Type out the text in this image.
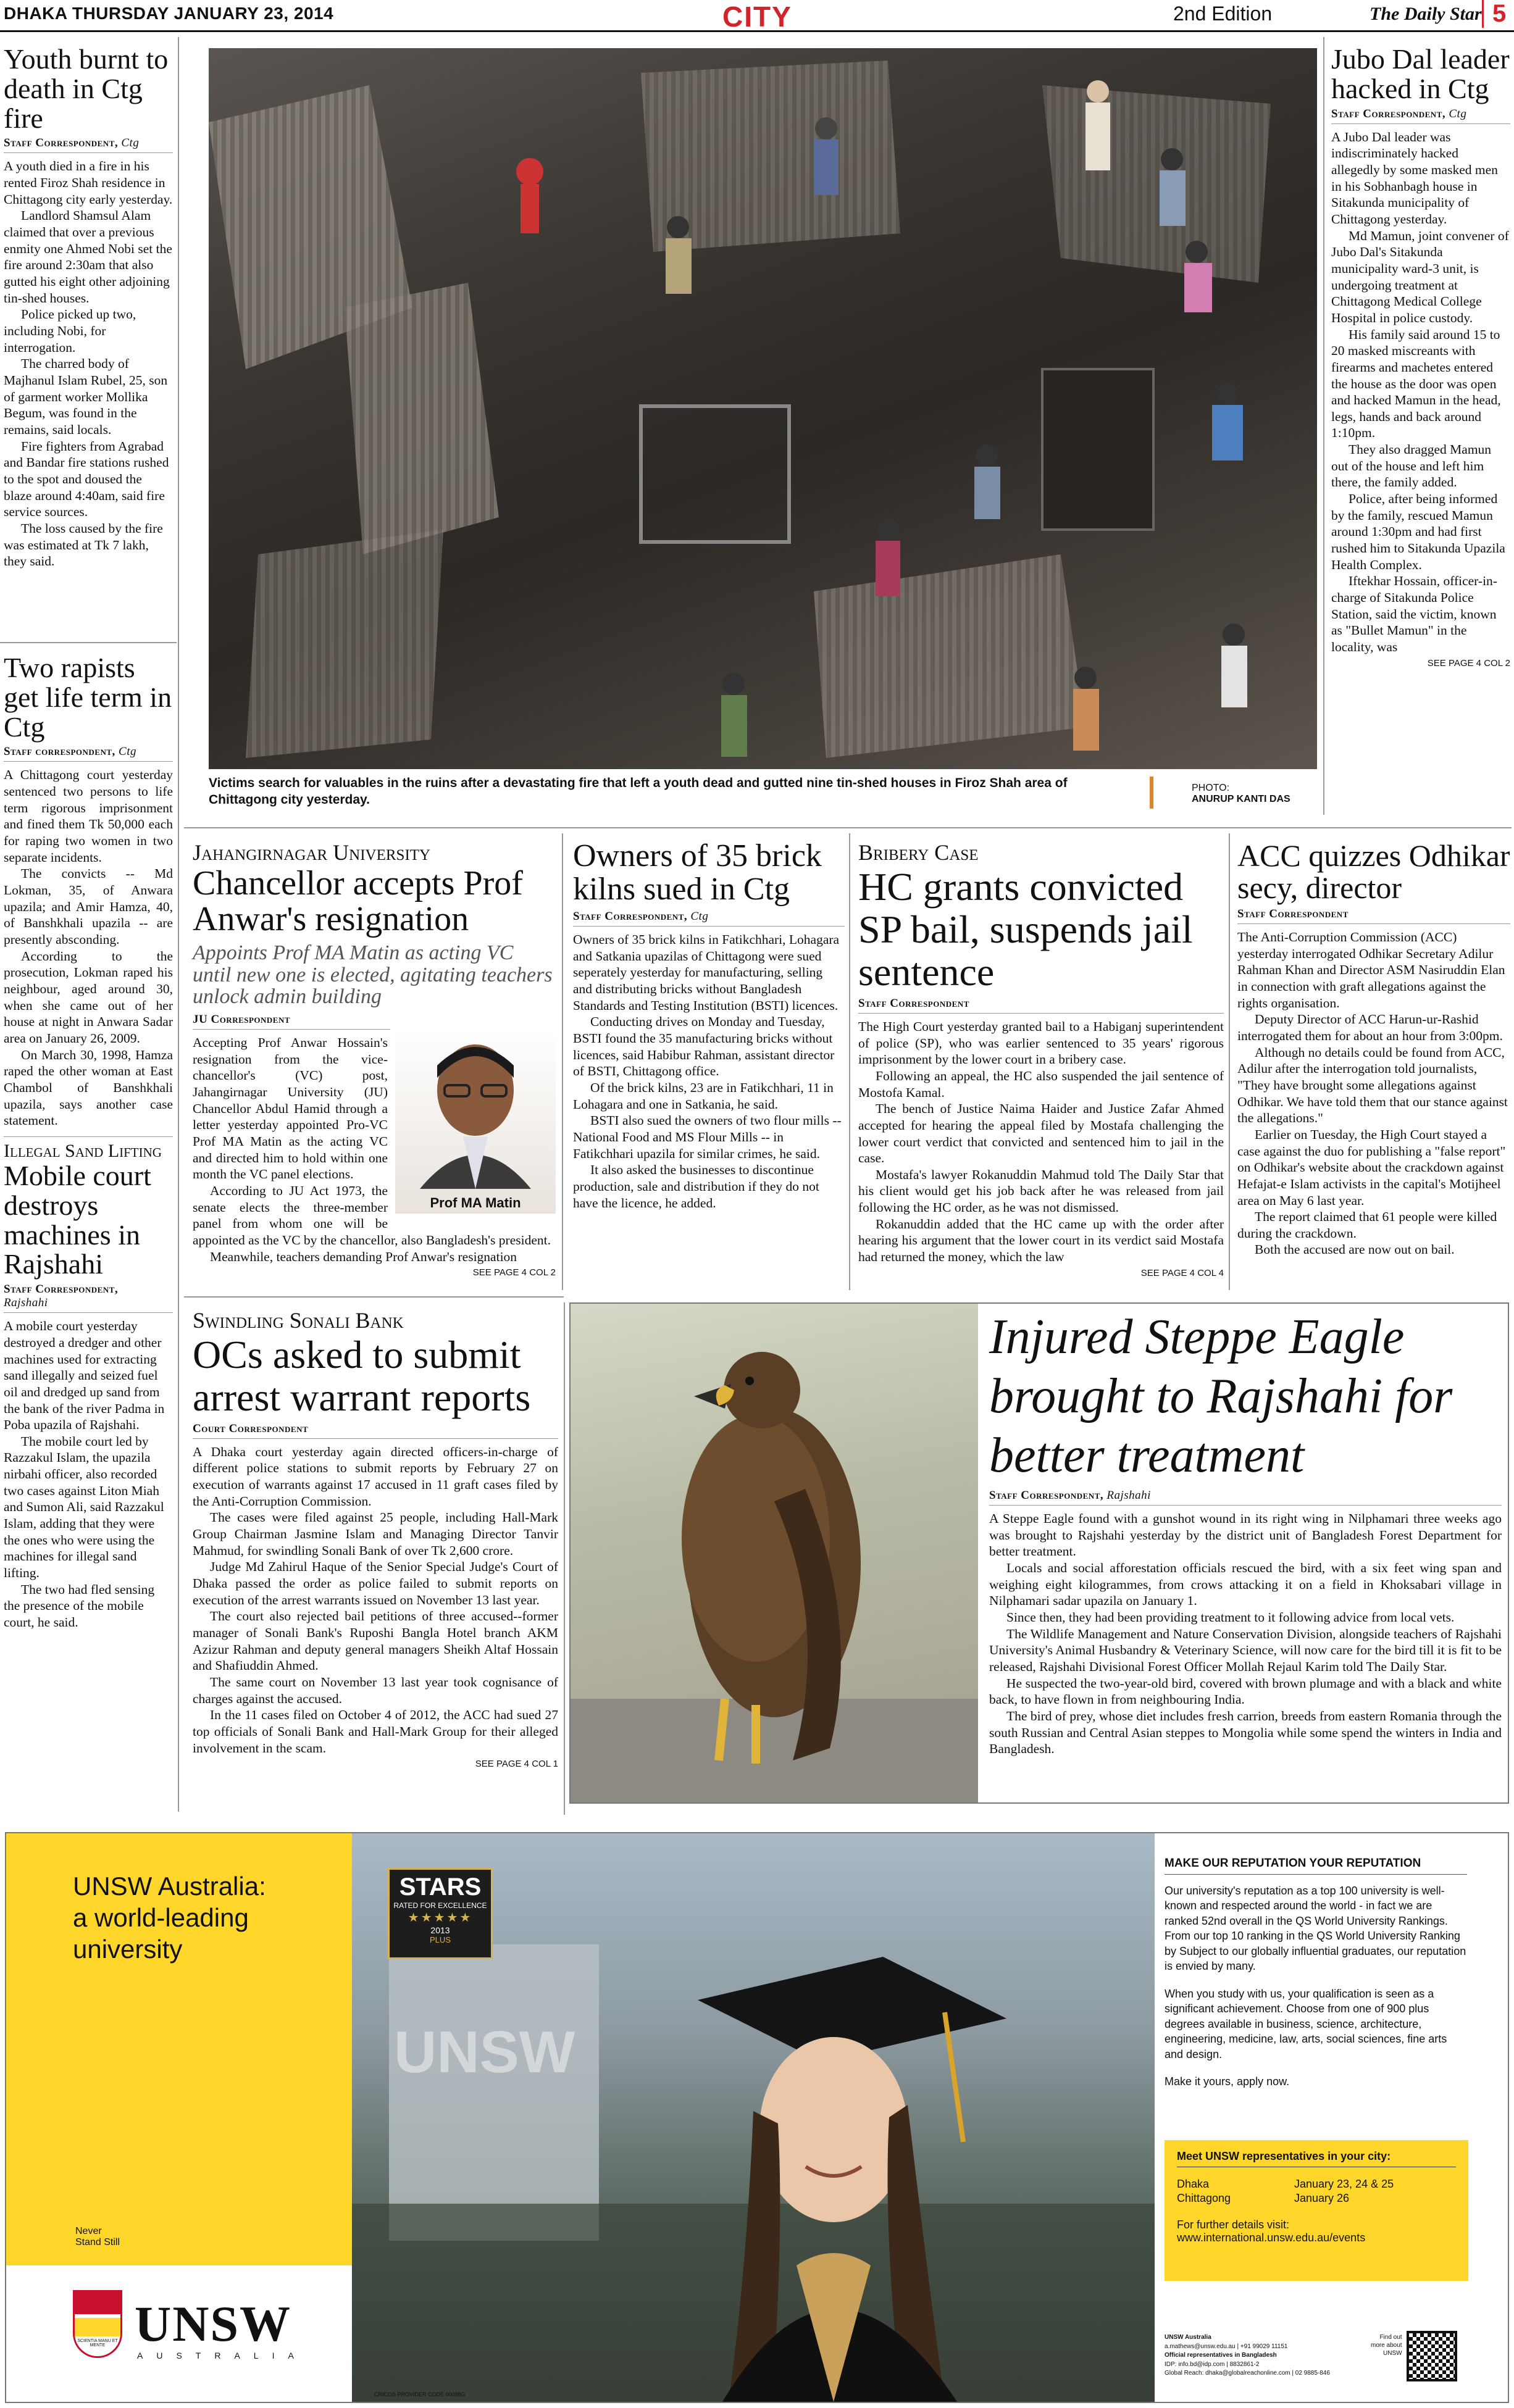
DHAKA THURSDAY JANUARY 23, 2014	CITY	2nd Edition	The Daily Star 5
Youth burnt to death in Ctg fire
Staff Correspondent, Ctg

A youth died in a fire in his rented Firoz Shah residence in Chittagong city early yesterday.

Landlord Shamsul Alam claimed that over a previous enmity one Ahmed Nobi set the fire around 2:30am that also gutted his eight other adjoining tin-shed houses.

Police picked up two, including Nobi, for interrogation.

The charred body of Majhanul Islam Rubel, 25, son of garment worker Mollika Begum, was found in the remains, said locals.

Fire fighters from Agrabad and Bandar fire stations rushed to the spot and doused the blaze around 4:40am, said fire service sources.

The loss caused by the fire was estimated at Tk 7 lakh, they said.

Two rapists get life term in Ctg
Staff correspondent, Ctg

A Chittagong court yesterday sentenced two persons to life term rigorous imprisonment and fined them Tk 50,000 each for raping two women in two separate incidents.

The convicts -- Md Lokman, 35, of Anwara upazila; and Amir Hamza, 40, of Banshkhali upazila -- are presently absconding.

According to the prosecution, Lokman raped his neighbour, aged around 30, when she came out of her house at night in Anwara Sadar area on January 26, 2009.

On March 30, 1998, Hamza raped the other woman at East Chambol of Banshkhali upazila, says another case statement.

Illegal Sand Lifting
Mobile court destroys machines in Rajshahi
Staff Correspondent,
Rajshahi

A mobile court yesterday destroyed a dredger and other machines used for extracting sand illegally and seized fuel oil and dredged up sand from the bank of the river Padma in Poba upazila of Rajshahi.

The mobile court led by Razzakul Islam, the upazila nirbahi officer, also recorded two cases against Liton Miah and Sumon Ali, said Razzakul Islam, adding that they were the ones who were using the machines for illegal sand lifting.

The two had fled sensing the presence of the mobile court, he said.

Victims search for valuables in the ruins after a devastating fire that left a youth dead and gutted nine tin-shed houses in Firoz Shah area of Chittagong city yesterday.
PHOTO:
ANURUP KANTI DAS
Jubo Dal leader hacked in Ctg
Staff Correspondent, Ctg

A Jubo Dal leader was indiscriminately hacked allegedly by some masked men in his Sobhanbagh house in Sitakunda municipality of Chittagong yesterday.

Md Mamun, joint convener of Jubo Dal's Sitakunda municipality ward-3 unit, is undergoing treatment at Chittagong Medical College Hospital in police custody.

His family said around 15 to 20 masked miscreants with firearms and machetes entered the house as the door was open and hacked Mamun in the head, legs, hands and back around 1:10pm.

They also dragged Mamun out of the house and left him there, the family added.

Police, after being informed by the family, rescued Mamun around 1:30pm and had first rushed him to Sitakunda Upazila Health Complex.

Iftekhar Hossain, officer-in-charge of Sitakunda Police Station, said the victim, known as "Bullet Mamun" in the locality, was

SEE PAGE 4 COL 2
Jahangirnagar University
Chancellor accepts Prof Anwar's resignation
Appoints Prof MA Matin as acting VC until new one is elected, agitating teachers unlock admin building
JU Correspondent
Prof MA Matin

Accepting Prof Anwar Hossain's resignation from the vice-chancellor's (VC) post, Jahangirnagar University (JU) Chancellor Abdul Hamid through a letter yesterday appointed Pro-VC Prof MA Matin as the acting VC and directed him to hold within one month the VC panel elections.

According to JU Act 1973, the senate elects the three-member panel from whom one will be appointed as the VC by the chancellor, also Bangladesh's president.

Meanwhile, teachers demanding Prof Anwar's resignation

SEE PAGE 4 COL 2
Owners of 35 brick kilns sued in Ctg
Staff Correspondent, Ctg

Owners of 35 brick kilns in Fatikchhari, Lohagara and Satkania upazilas of Chittagong were sued seperately yesterday for manufacturing, selling and distributing bricks without Bangladesh Standards and Testing Institution (BSTI) licences.

Conducting drives on Monday and Tuesday, BSTI found the 35 manufacturing bricks without licences, said Habibur Rahman, assistant director of BSTI, Chittagong office.

Of the brick kilns, 23 are in Fatikchhari, 11 in Lohagara and one in Satkania, he said.

BSTI also sued the owners of two flour mills -- National Food and MS Flour Mills -- in Fatikchhari upazila for similar crimes, he said.

It also asked the businesses to discontinue production, sale and distribution if they do not have the licence, he added.

Bribery Case
HC grants convicted SP bail, suspends jail sentence
Staff Correspondent

The High Court yesterday granted bail to a Habiganj superintendent of police (SP), who was earlier sentenced to 35 years' rigorous imprisonment by the lower court in a bribery case.

Following an appeal, the HC also suspended the jail sentence of Mostofa Kamal.

The bench of Justice Naima Haider and Justice Zafar Ahmed accepted for hearing the appeal filed by Mostafa challenging the lower court verdict that convicted and sentenced him to jail in the case.

Mostafa's lawyer Rokanuddin Mahmud told The Daily Star that his client would get his job back after he was released from jail following the HC order, as he was not dismissed.

Rokanuddin added that the HC came up with the order after hearing his argument that the lower court in its verdict said Mostafa had returned the money, which the law

SEE PAGE 4 COL 4
ACC quizzes Odhikar secy, director
Staff Correspondent

The Anti-Corruption Commission (ACC) yesterday interrogated Odhikar Secretary Adilur Rahman Khan and Director ASM Nasiruddin Elan in connection with graft allegations against the rights organisation.

Deputy Director of ACC Harun-ur-Rashid interrogated them for about an hour from 3:00pm.

Although no details could be found from ACC, Adilur after the interrogation told journalists, "They have brought some allegations against Odhikar. We have told them that our stance against the allegations."

Earlier on Tuesday, the High Court stayed a case against the duo for publishing a "false report" on Odhikar's website about the crackdown against Hefajat-e Islam activists in the capital's Motijheel area on May 6 last year.

The report claimed that 61 people were killed during the crackdown.

Both the accused are now out on bail.

Swindling Sonali Bank
OCs asked to submit arrest warrant reports
Court Correspondent

A Dhaka court yesterday again directed officers-in-charge of different police stations to submit reports by February 27 on execution of warrants against 17 accused in 11 graft cases filed by the Anti-Corruption Commission.

The cases were filed against 25 people, including Hall-Mark Group Chairman Jasmine Islam and Managing Director Tanvir Mahmud, for swindling Sonali Bank of over Tk 2,600 crore.

Judge Md Zahirul Haque of the Senior Special Judge's Court of Dhaka passed the order as police failed to submit reports on execution of the arrest warrants issued on November 13 last year.

The court also rejected bail petitions of three accused--former manager of Sonali Bank's Ruposhi Bangla Hotel branch AKM Azizur Rahman and deputy general managers Sheikh Altaf Hossain and Shafiuddin Ahmed.

The same court on November 13 last year took cognisance of charges against the accused.

In the 11 cases filed on October 4 of 2012, the ACC had sued 27 top officials of Sonali Bank and Hall-Mark Group for their alleged involvement in the scam.

SEE PAGE 4 COL 1
Injured Steppe Eagle brought to Rajshahi for better treatment
Staff Correspondent, Rajshahi

A Steppe Eagle found with a gunshot wound in its right wing in Nilphamari three weeks ago was brought to Rajshahi yesterday by the district unit of Bangladesh Forest Department for better treatment.

Locals and social afforestation officials rescued the bird, with a six feet wing span and weighing eight kilogrammes, from crows attacking it on a field in Khoksabari village in Nilphamari sadar upazila on January 1.

Since then, they had been providing treatment to it following advice from local vets.

The Wildlife Management and Nature Conservation Division, alongside teachers of Rajshahi University's Animal Husbandry & Veterinary Science, will now care for the bird till it is fit to be released, Rajshahi Divisional Forest Officer Mollah Rejaul Karim told The Daily Star.

He suspected the two-year-old bird, covered with brown plumage and with a black and white back, to have flown in from neighbouring India.

The bird of prey, whose diet includes fresh carrion, breeds from eastern Romania through the south Russian and Central Asian steppes to Mongolia while some spend the winters in India and Bangladesh.

UNSW Australia:
a world-leading
university
Never
Stand Still
UNSW
STARS
RATED FOR EXCELLENCE
★★★★★
2013
PLUS
SCIENTIA MANU ET MENTE UNSW
AUSTRALIA
CRICOS PROVIDER CODE 00098G
MAKE OUR REPUTATION YOUR REPUTATION

Our university's reputation as a top 100 university is well-known and respected around the world - in fact we are ranked 52nd overall in the QS World University Rankings. From our top 10 ranking in the QS World University Ranking by Subject to our globally influential graduates, our reputation is envied by many.

When you study with us, your qualification is seen as a significant achievement. Choose from one of 900 plus degrees available in business, science, architecture, engineering, medicine, law, arts, social sciences, fine arts and design.

Make it yours, apply now.

Meet UNSW representatives in your city:
Dhaka	January 23, 24 & 25
Chittagong	January 26
For further details visit:
www.international.unsw.edu.au/events
UNSW Australia
a.mathews@unsw.edu.au | +91 99029 11151
Official representatives in Bangladesh
IDP: info.bd@idp.com | 8832861-2
Global Reach: dhaka@globalreachonline.com | 02 9885-846
Find out
more about
UNSW
